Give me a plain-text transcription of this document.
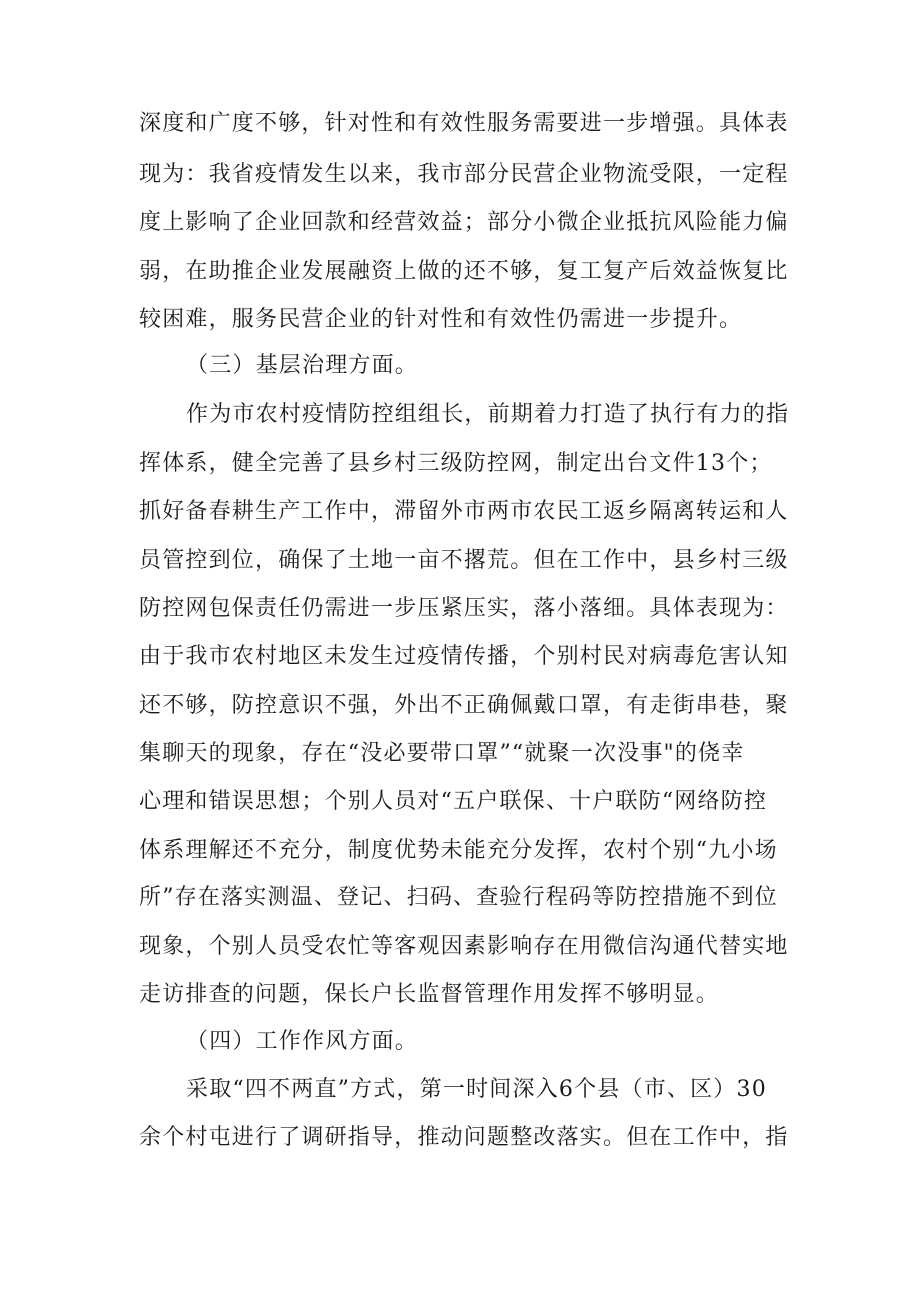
深度和广度不够，针对性和有效性服务需要进一步增强。具体表
现为：我省疫情发生以来，我市部分民营企业物流受限，一定程
度上影响了企业回款和经营效益；部分小微企业抵抗风险能力偏
弱，在助推企业发展融资上做的还不够，复工复产后效益恢复比
较困难，服务民营企业的针对性和有效性仍需进一步提升。
（三）基层治理方面。
作为市农村疫情防控组组长，前期着力打造了执行有力的指
挥体系，健全完善了县乡村三级防控网，制定出台文件13个；
抓好备春耕生产工作中，滞留外市两市农民工返乡隔离转运和人
员管控到位，确保了土地一亩不撂荒。但在工作中，县乡村三级
防控网包保责任仍需进一步压紧压实，落小落细。具体表现为：
由于我市农村地区未发生过疫情传播，个别村民对病毒危害认知
还不够，防控意识不强，外出不正确佩戴口罩，有走街串巷，聚
集聊天的现象，存在“没必要带口罩”“就聚一次没事"的侥幸
心理和错误思想；个别人员对“五户联保、十户联防“网络防控
体系理解还不充分，制度优势未能充分发挥，农村个别“九小场
所”存在落实测温、登记、扫码、查验行程码等防控措施不到位
现象，个别人员受农忙等客观因素影响存在用微信沟通代替实地
走访排查的问题，保长户长监督管理作用发挥不够明显。
（四）工作作风方面。
采取“四不两直”方式，第一时间深入6个县（市、区）30
余个村屯进行了调研指导，推动问题整改落实。但在工作中，指
